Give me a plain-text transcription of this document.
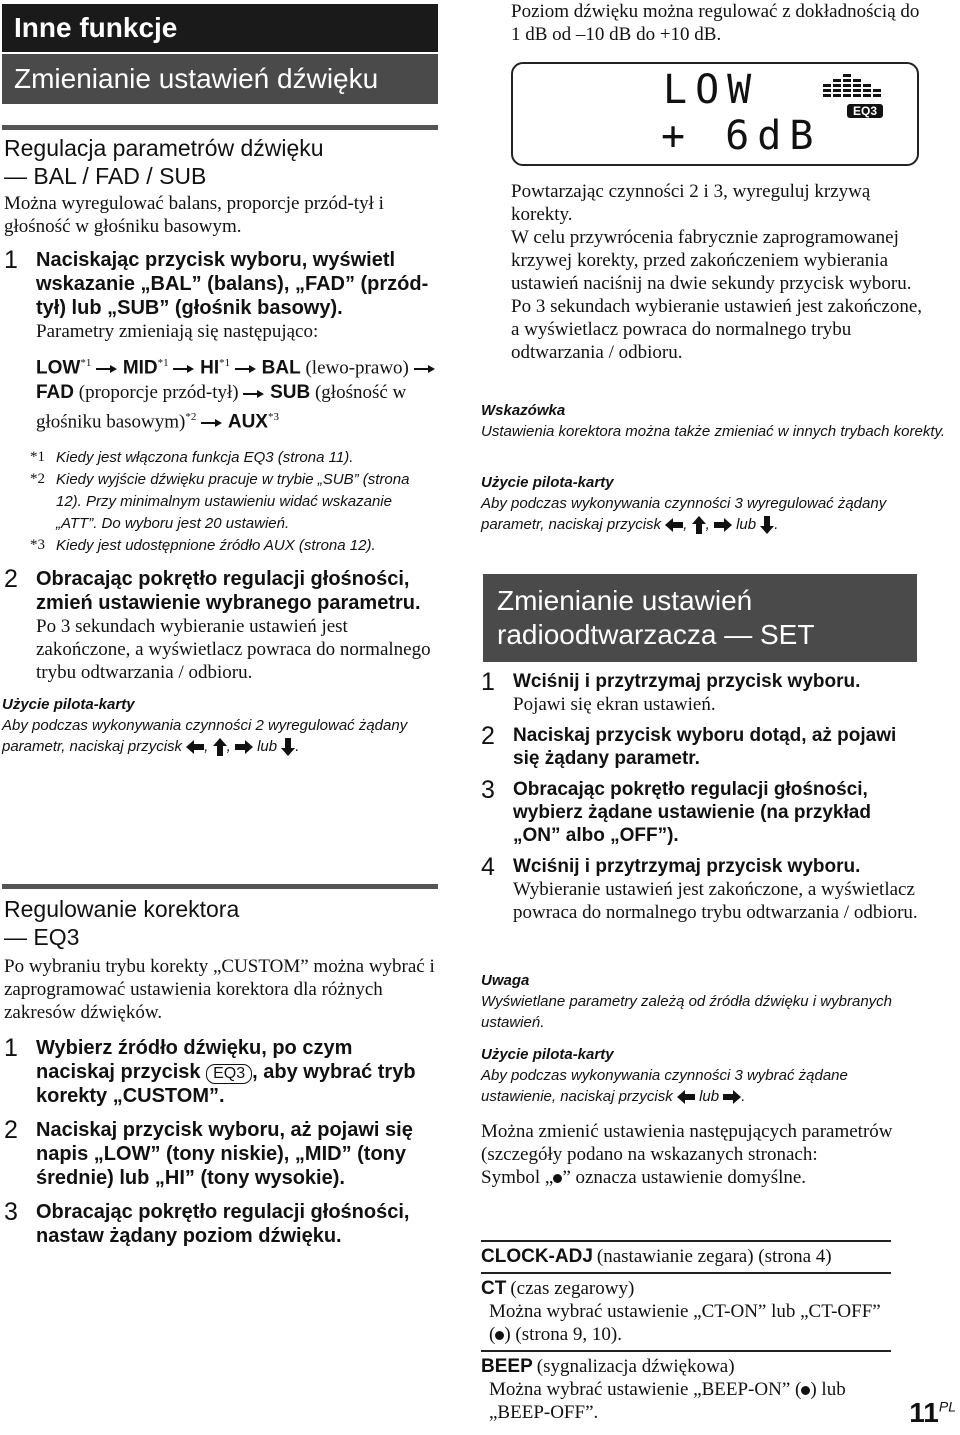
Inne funkcje
Zmienianie ustawień dźwięku
Regulacja parametrów dźwięku
— BAL / FAD / SUB
Można wyregulować balans, proporcje przód-tył i głośność w głośniku basowym.
1 Naciskając przycisk wyboru, wyświetl wskazanie „BAL” (balans), „FAD” (przód-tył) lub „SUB” (głośnik basowy).
Parametry zmieniają się następująco:
LOW$^{*1}$ MID$^{*1}$ HI$^{*1}$ BAL (lewo-prawo)  FAD (proporcje przód-tył) SUB (głośność w głośniku basowym)$^{*2}$ AUX$^{*3}$
*1 Kiedy jest włączona funkcja EQ3 (strona 11).
*2 Kiedy wyjście dźwięku pracuje w trybie „SUB” (strona 12). Przy minimalnym ustawieniu widać wskazanie „ATT”. Do wyboru jest 20 ustawień.
*3 Kiedy jest udostępnione źródło AUX (strona 12).
2 Obracając pokrętło regulacji głośności, zmień ustawienie wybranego parametru.
Po 3 sekundach wybieranie ustawień jest zakończone, a wyświetlacz powraca do normalnego trybu odtwarzania / odbioru.
Użycie pilota-karty
Aby podczas wykonywania czynności 2 wyregulować żądany parametr, naciskaj przycisk , , lub .
Regulowanie korektora
— EQ3
Po wybraniu trybu korekty „CUSTOM” można wybrać i zaprogramować ustawienia korektora dla różnych zakresów dźwięków.
1 Wybierz źródło dźwięku, po czym naciskaj przycisk EQ3 , aby wybrać tryb korekty „CUSTOM”.
2 Naciskaj przycisk wyboru, aż pojawi się napis „LOW” (tony niskie), „MID” (tony średnie) lub „HI” (tony wysokie).
3 Obracając pokrętło regulacji głośności, nastaw żądany poziom dźwięku.
Poziom dźwięku można regulować z dokładnością do 1 dB od –10 dB do +10 dB.
LOW
+ 6dB
EQ3
Powtarzając czynności 2 i 3, wyreguluj krzywą korekty.
W celu przywrócenia fabrycznie zaprogramowanej krzywej korekty, przed zakończeniem wybierania ustawień naciśnij na dwie sekundy przycisk wyboru.
Po 3 sekundach wybieranie ustawień jest zakończone, a wyświetlacz powraca do normalnego trybu odtwarzania / odbioru.
Wskazówka
Ustawienia korektora można także zmieniać w innych trybach korekty.
Użycie pilota-karty
Aby podczas wykonywania czynności 3 wyregulować żądany parametr, naciskaj przycisk , , lub .
Zmienianie ustawień radioodtwarzacza — SET
1 Wciśnij i przytrzymaj przycisk wyboru.
Pojawi się ekran ustawień.
2 Naciskaj przycisk wyboru dotąd, aż pojawi się żądany parametr.
3 Obracając pokrętło regulacji głośności, wybierz żądane ustawienie (na przykład „ON” albo „OFF”).
4 Wciśnij i przytrzymaj przycisk wyboru.
Wybieranie ustawień jest zakończone, a wyświetlacz powraca do normalnego trybu odtwarzania / odbioru.
Uwaga
Wyświetlane parametry zależą od źródła dźwięku i wybranych ustawień.
Użycie pilota-karty
Aby podczas wykonywania czynności 3 wybrać żądane ustawienie, naciskaj przycisk lub .
Można zmienić ustawienia następujących parametrów (szczegóły podano na wskazanych stronach:
Symbol „ ” oznacza ustawienie domyślne.
CLOCK-ADJ (nastawianie zegara) (strona 4)
CT (czas zegarowy)
Można wybrać ustawienie „CT-ON” lub „CT-OFF” ( ) (strona 9, 10).
BEEP (sygnalizacja dźwiękowa)
Można wybrać ustawienie „BEEP-ON” ( ) lub „BEEP-OFF”.	$11^{PL}$
